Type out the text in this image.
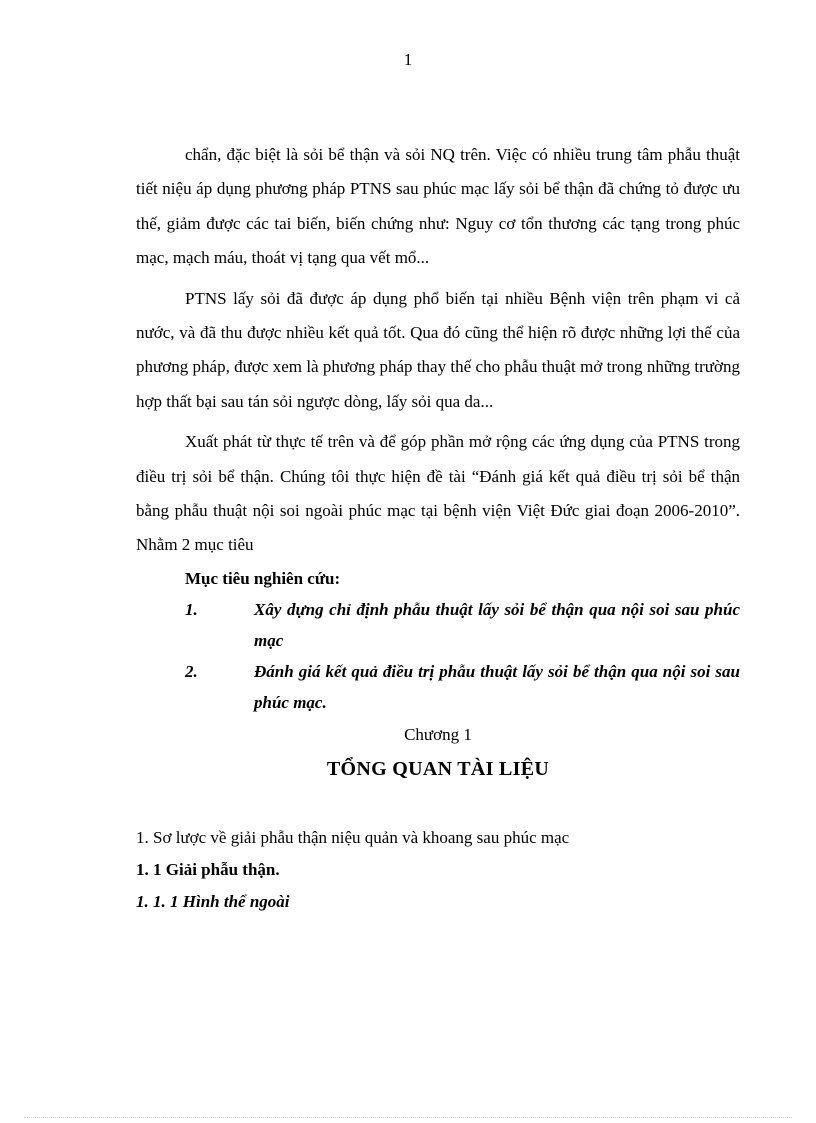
1

chẩn, đặc biệt là sỏi bể thận và sỏi NQ trên. Việc có nhiều trung tâm phẫu thuật tiết niệu áp dụng phương pháp PTNS sau phúc mạc lấy sỏi bể thận đã chứng tỏ được ưu thế, giảm được các tai biến, biến chứng như: Nguy cơ tổn thương các tạng trong phúc mạc, mạch máu, thoát vị tạng qua vết mổ...

PTNS lấy sỏi đã được áp dụng phổ biến tại nhiều Bệnh viện trên phạm vi cả nước, và đã thu được nhiều kết quả tốt. Qua đó cũng thể hiện rõ được những lợi thế của phương pháp, được xem là phương pháp thay thế cho phẫu thuật mở trong những trường hợp thất bại sau tán sỏi ngược dòng, lấy sỏi qua da...

Xuất phát từ thực tế trên và để góp phần mở rộng các ứng dụng của PTNS trong điều trị sỏi bể thận. Chúng tôi thực hiện đề tài “Đánh giá kết quả điều trị sỏi bể thận bằng phẫu thuật nội soi ngoài phúc mạc tại bệnh viện Việt Đức giai đoạn 2006-2010”. Nhằm 2 mục tiêu

Mục tiêu nghiên cứu:

1.	Xây dựng chỉ định phẫu thuật lấy sỏi bể thận qua nội soi sau phúc mạc
2.	Đánh giá kết quả điều trị phẫu thuật lấy sỏi bể thận qua nội soi sau phúc mạc.

Chương 1

TỔNG QUAN TÀI LIỆU

1. Sơ lược về giải phẫu thận niệu quản và khoang sau phúc mạc

1. 1 Giải phẫu thận.

1. 1. 1 Hình thể ngoài
